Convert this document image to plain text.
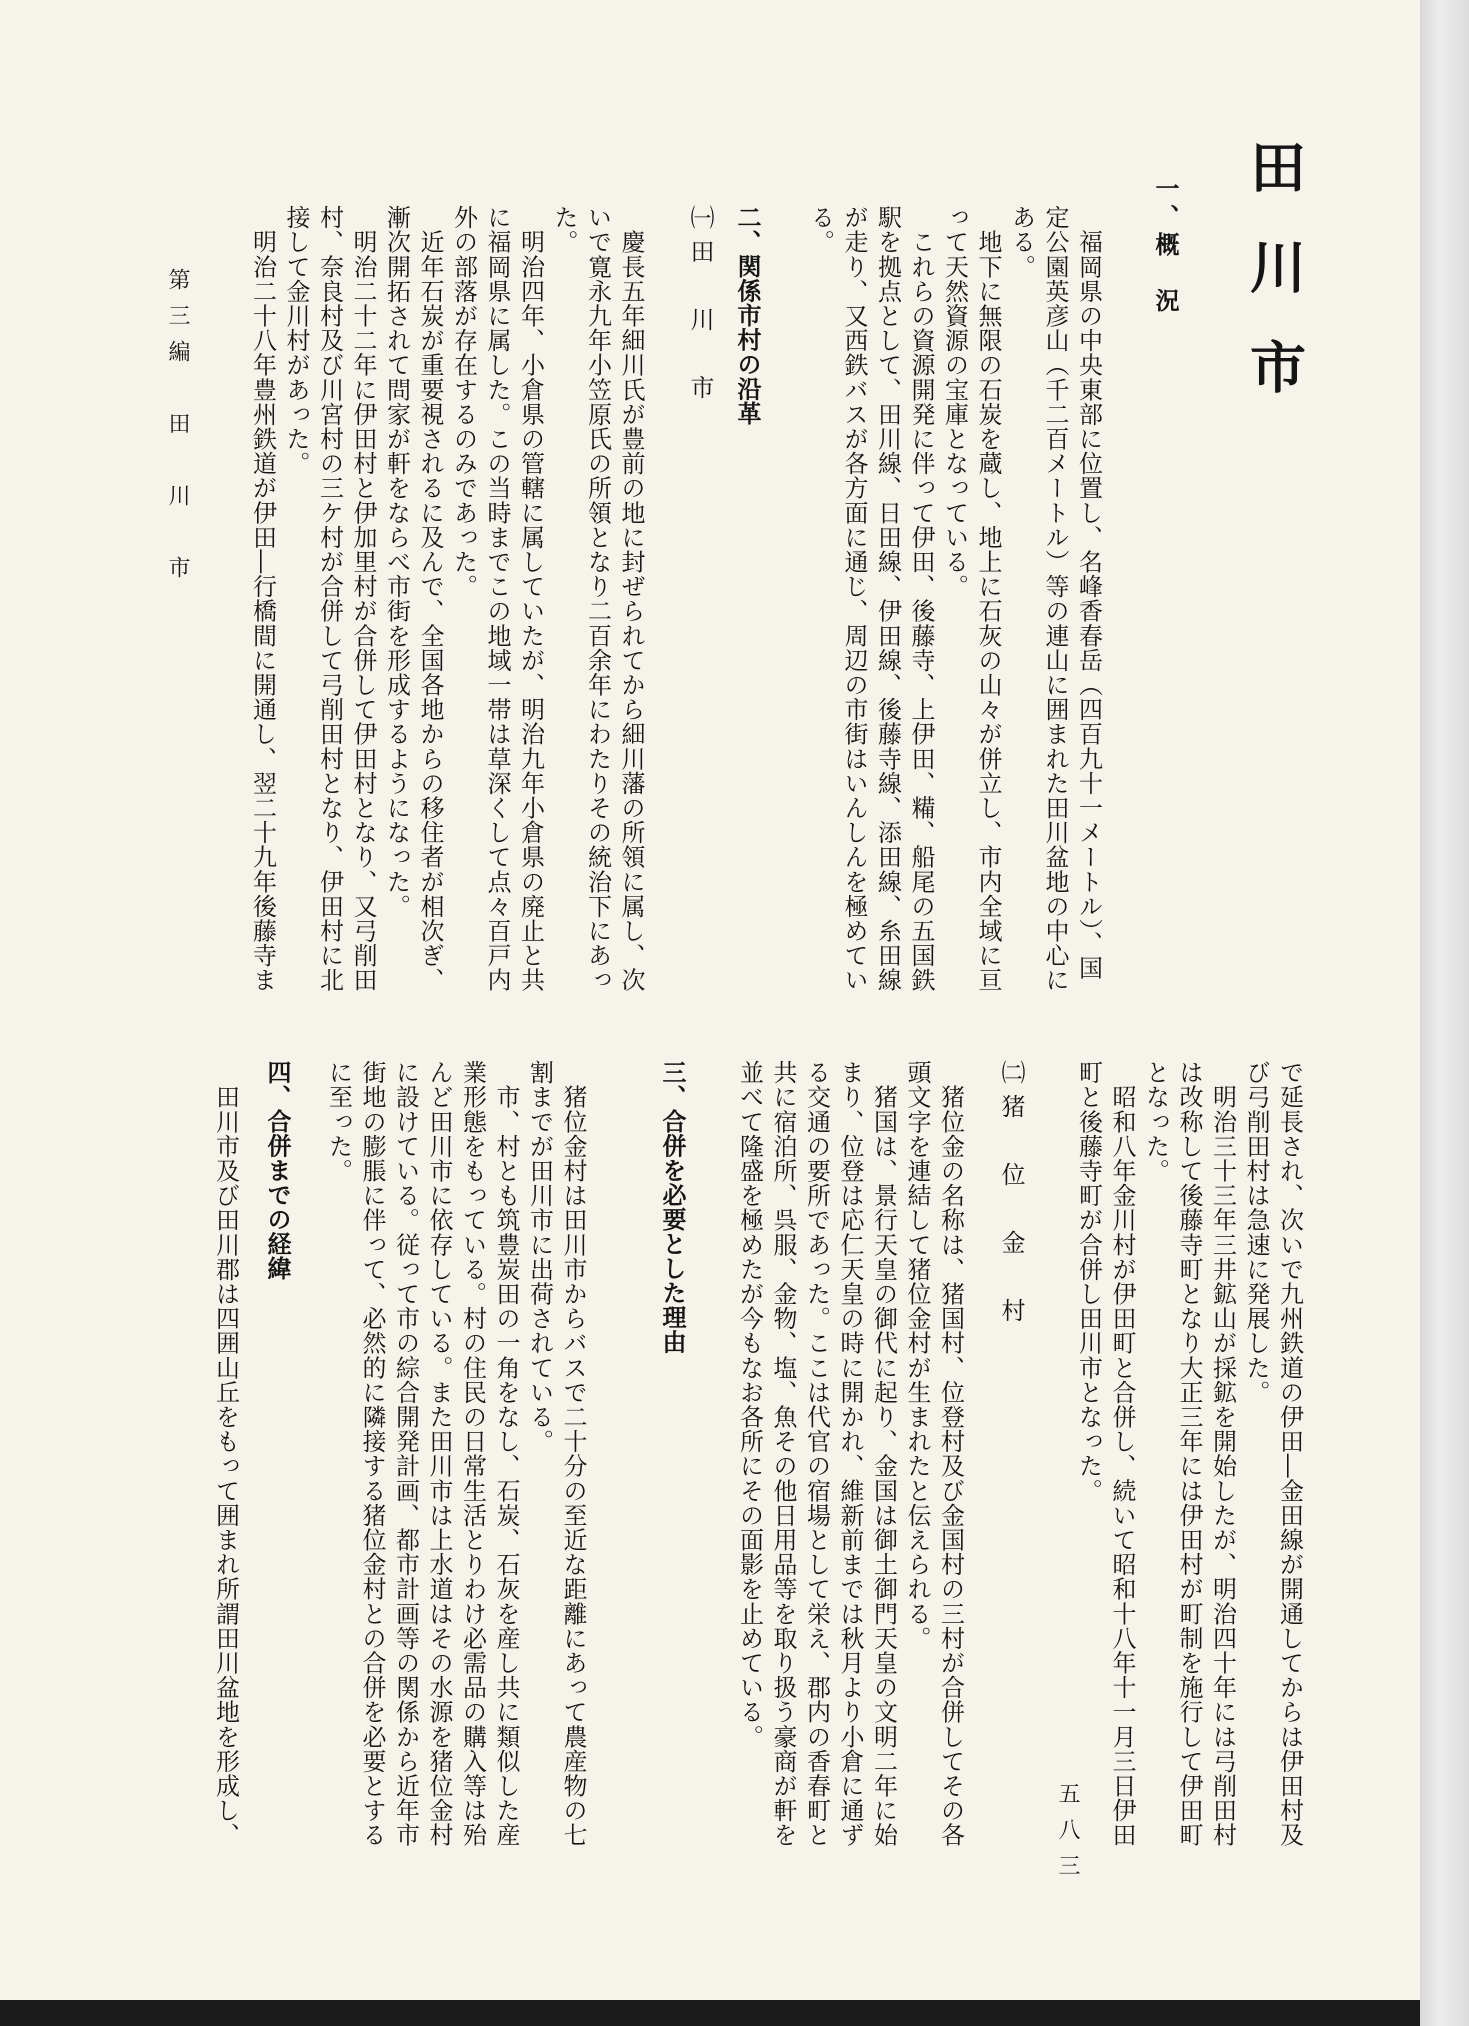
田川市
一、概　況
　福岡県の中央東部に位置し、名峰香春岳（四百九十一メートル）、国
定公園英彦山（千二百メートル）等の連山に囲まれた田川盆地の中心に
ある。
　地下に無限の石炭を蔵し、地上に石灰の山々が併立し、市内全域に亘
って天然資源の宝庫となっている。
　これらの資源開発に伴って伊田、後藤寺、上伊田、糒、船尾の五国鉄
駅を拠点として、田川線、日田線、伊田線、後藤寺線、添田線、糸田線
が走り、又西鉄バスが各方面に通じ、周辺の市街はいんしんを極めてい
る。
二、関係市村の沿革
㈠田　川　市
　慶長五年細川氏が豊前の地に封ぜられてから細川藩の所領に属し、次
いで寛永九年小笠原氏の所領となり二百余年にわたりその統治下にあっ
た。
　明治四年、小倉県の管轄に属していたが、明治九年小倉県の廃止と共
に福岡県に属した。この当時までこの地域一帯は草深くして点々百戸内
外の部落が存在するのみであった。
　近年石炭が重要視されるに及んで、全国各地からの移住者が相次ぎ、
漸次開拓されて問家が軒をならべ市街を形成するようになった。
　明治二十二年に伊田村と伊加里村が合併して伊田村となり、又弓削田
村、奈良村及び川宮村の三ケ村が合併して弓削田村となり、伊田村に北
接して金川村があった。
　明治二十八年豊州鉄道が伊田―行橋間に開通し、翌二十九年後藤寺ま
第三編　田　川　市
で延長され、次いで九州鉄道の伊田―金田線が開通してからは伊田村及
び弓削田村は急速に発展した。
　明治三十三年三井鉱山が採鉱を開始したが、明治四十年には弓削田村
は改称して後藤寺町となり大正三年には伊田村が町制を施行して伊田町
となった。
　昭和八年金川村が伊田町と合併し、続いて昭和十八年十一月三日伊田
町と後藤寺町が合併し田川市となった。
㈡猪　位　金　村
　猪位金の名称は、猪国村、位登村及び金国村の三村が合併してその各
頭文字を連結して猪位金村が生まれたと伝えられる。
　猪国は、景行天皇の御代に起り、金国は御土御門天皇の文明二年に始
まり、位登は応仁天皇の時に開かれ、維新前までは秋月より小倉に通ず
る交通の要所であった。ここは代官の宿場として栄え、郡内の香春町と
共に宿泊所、呉服、金物、塩、魚その他日用品等を取り扱う豪商が軒を
並べて隆盛を極めたが今もなお各所にその面影を止めている。
三、合併を必要とした理由
　猪位金村は田川市からバスで二十分の至近な距離にあって農産物の七
割までが田川市に出荷されている。
　市、村とも筑豊炭田の一角をなし、石炭、石灰を産し共に類似した産
業形態をもっている。村の住民の日常生活とりわけ必需品の購入等は殆
んど田川市に依存している。また田川市は上水道はその水源を猪位金村
に設けている。従って市の綜合開発計画、都市計画等の関係から近年市
街地の膨脹に伴って、必然的に隣接する猪位金村との合併を必要とする
に至った。
四、合併までの経緯
　田川市及び田川郡は四囲山丘をもって囲まれ所謂田川盆地を形成し、	五八三
